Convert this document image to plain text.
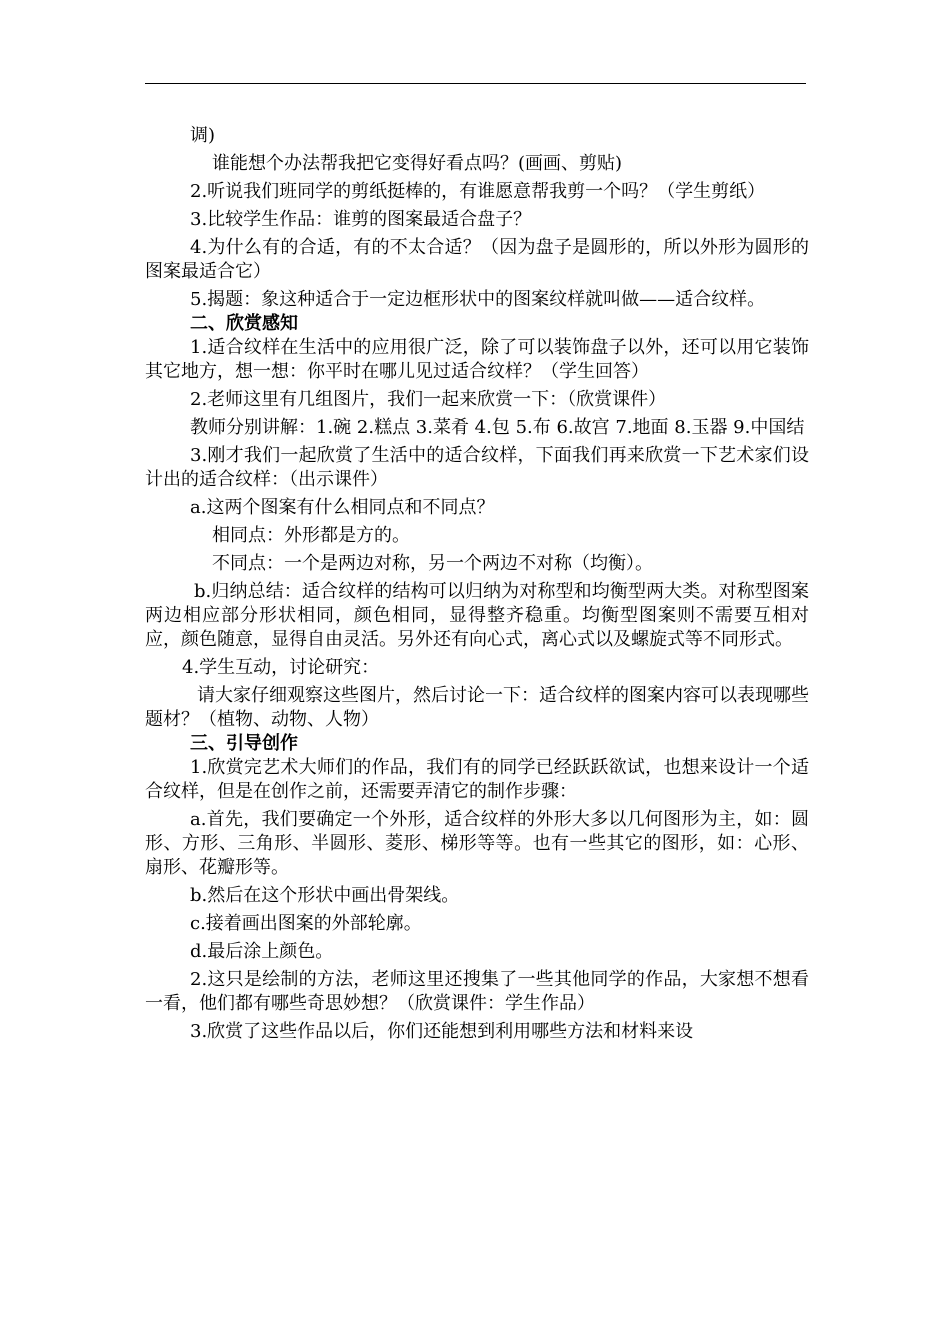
调)

谁能想个办法帮我把它变得好看点吗？(画画、剪贴)

2.听说我们班同学的剪纸挺棒的，有谁愿意帮我剪一个吗？（学生剪纸）

3.比较学生作品：谁剪的图案最适合盘子？

4.为什么有的合适，有的不太合适？（因为盘子是圆形的，所以外形为圆形的图案最适合它）

5.揭题：象这种适合于一定边框形状中的图案纹样就叫做——适合纹样。

二、欣赏感知

1.适合纹样在生活中的应用很广泛，除了可以装饰盘子以外，还可以用它装饰其它地方，想一想：你平时在哪儿见过适合纹样？（学生回答）

2.老师这里有几组图片，我们一起来欣赏一下：（欣赏课件）

教师分别讲解：1.碗 2.糕点 3.菜肴 4.包 5.布 6.故宫 7.地面 8.玉器 9.中国结

3.刚才我们一起欣赏了生活中的适合纹样，下面我们再来欣赏一下艺术家们设计出的适合纹样：（出示课件）

a.这两个图案有什么相同点和不同点？

相同点：外形都是方的。

不同点：一个是两边对称，另一个两边不对称（均衡）。

b.归纳总结：适合纹样的结构可以归纳为对称型和均衡型两大类。对称型图案两边相应部分形状相同，颜色相同，显得整齐稳重。均衡型图案则不需要互相对应，颜色随意，显得自由灵活。另外还有向心式，离心式以及螺旋式等不同形式。

4.学生互动，讨论研究：

请大家仔细观察这些图片，然后讨论一下：适合纹样的图案内容可以表现哪些题材？（植物、动物、人物）

三、引导创作

1.欣赏完艺术大师们的作品，我们有的同学已经跃跃欲试，也想来设计一个适合纹样，但是在创作之前，还需要弄清它的制作步骤：

a.首先，我们要确定一个外形，适合纹样的外形大多以几何图形为主，如：圆形、方形、三角形、半圆形、菱形、梯形等等。也有一些其它的图形，如：心形、扇形、花瓣形等。

b.然后在这个形状中画出骨架线。

c.接着画出图案的外部轮廓。

d.最后涂上颜色。

2.这只是绘制的方法，老师这里还搜集了一些其他同学的作品，大家想不想看一看，他们都有哪些奇思妙想？（欣赏课件：学生作品）

3.欣赏了这些作品以后，你们还能想到利用哪些方法和材料来设
